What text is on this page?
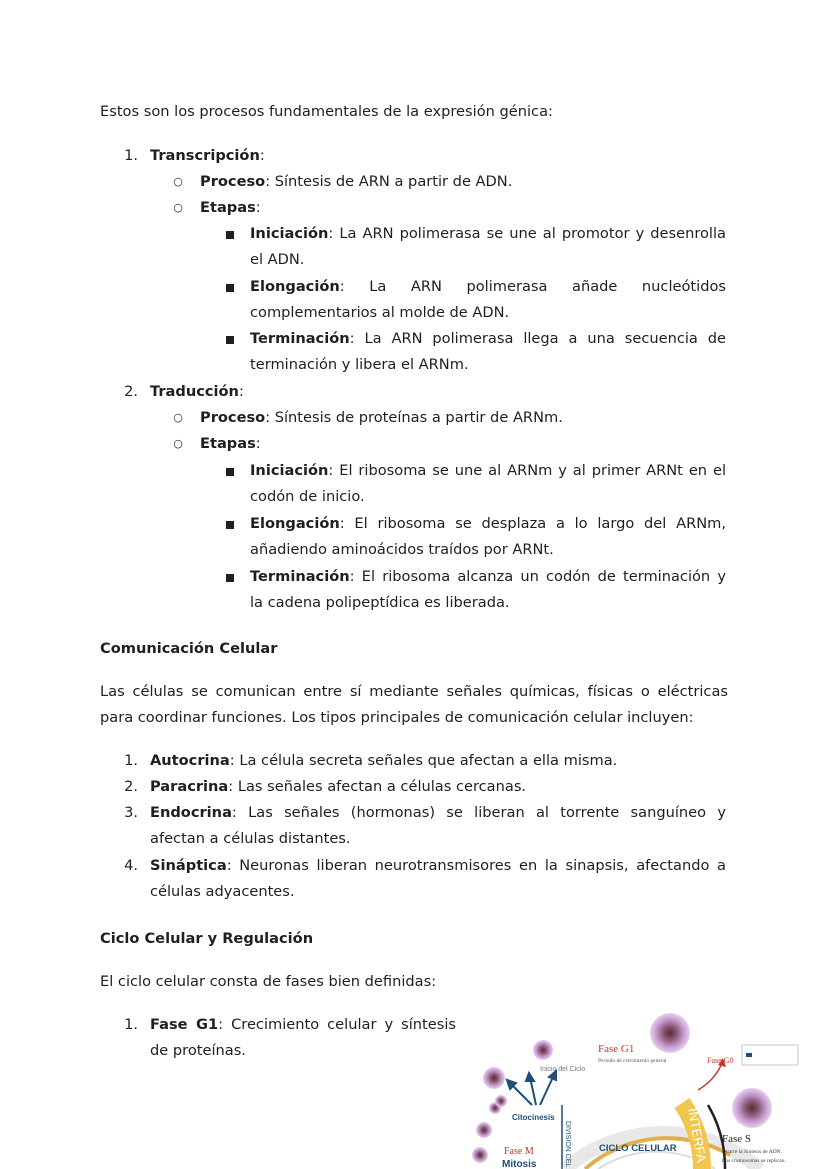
Estos son los procesos fundamentales de la expresión génica:

1. Transcripción:
○ Proceso: Síntesis de ARN a partir de ADN.
○ Etapas:
Iniciación: La ARN polimerasa se une al promotor y desenrolla
el ADN.
Elongación: La ARN polimerasa añade nucleótidos
complementarios al molde de ADN.
Terminación: La ARN polimerasa llega a una secuencia de
terminación y libera el ARNm.
2. Traducción:
○ Proceso: Síntesis de proteínas a partir de ARNm.
○ Etapas:
Iniciación: El ribosoma se une al ARNm y al primer ARNt en el
codón de inicio.
Elongación: El ribosoma se desplaza a lo largo del ARNm,
añadiendo aminoácidos traídos por ARNt.
Terminación: El ribosoma alcanza un codón de terminación y
la cadena polipeptídica es liberada.
Comunicación Celular

Las células se comunican entre sí mediante señales químicas, físicas o eléctricas

para coordinar funciones. Los tipos principales de comunicación celular incluyen:

1. Autocrina: La célula secreta señales que afectan a ella misma.
2. Paracrina: Las señales afectan a células cercanas.
3. Endocrina: Las señales (hormonas) se liberan al torrente sanguíneo y
afectan a células distantes.
4. Sináptica: Neuronas liberan neurotransmisores en la sinapsis, afectando a
células adyacentes.
Ciclo Celular y Regulación

El ciclo celular consta de fases bien definidas:

1. Fase G1: Crecimiento celular y síntesis
de proteínas.	Fase G1
Período de crecimiento general	Fase G0
Inicio del Ciclo
Citocinesis
Fase M
Mitosis	DIVISIÓN CEL	CICLO CELULAR INTERFA Fase S
Ocurre la Síntesis de ADN.
Los cromosomas se replican.
